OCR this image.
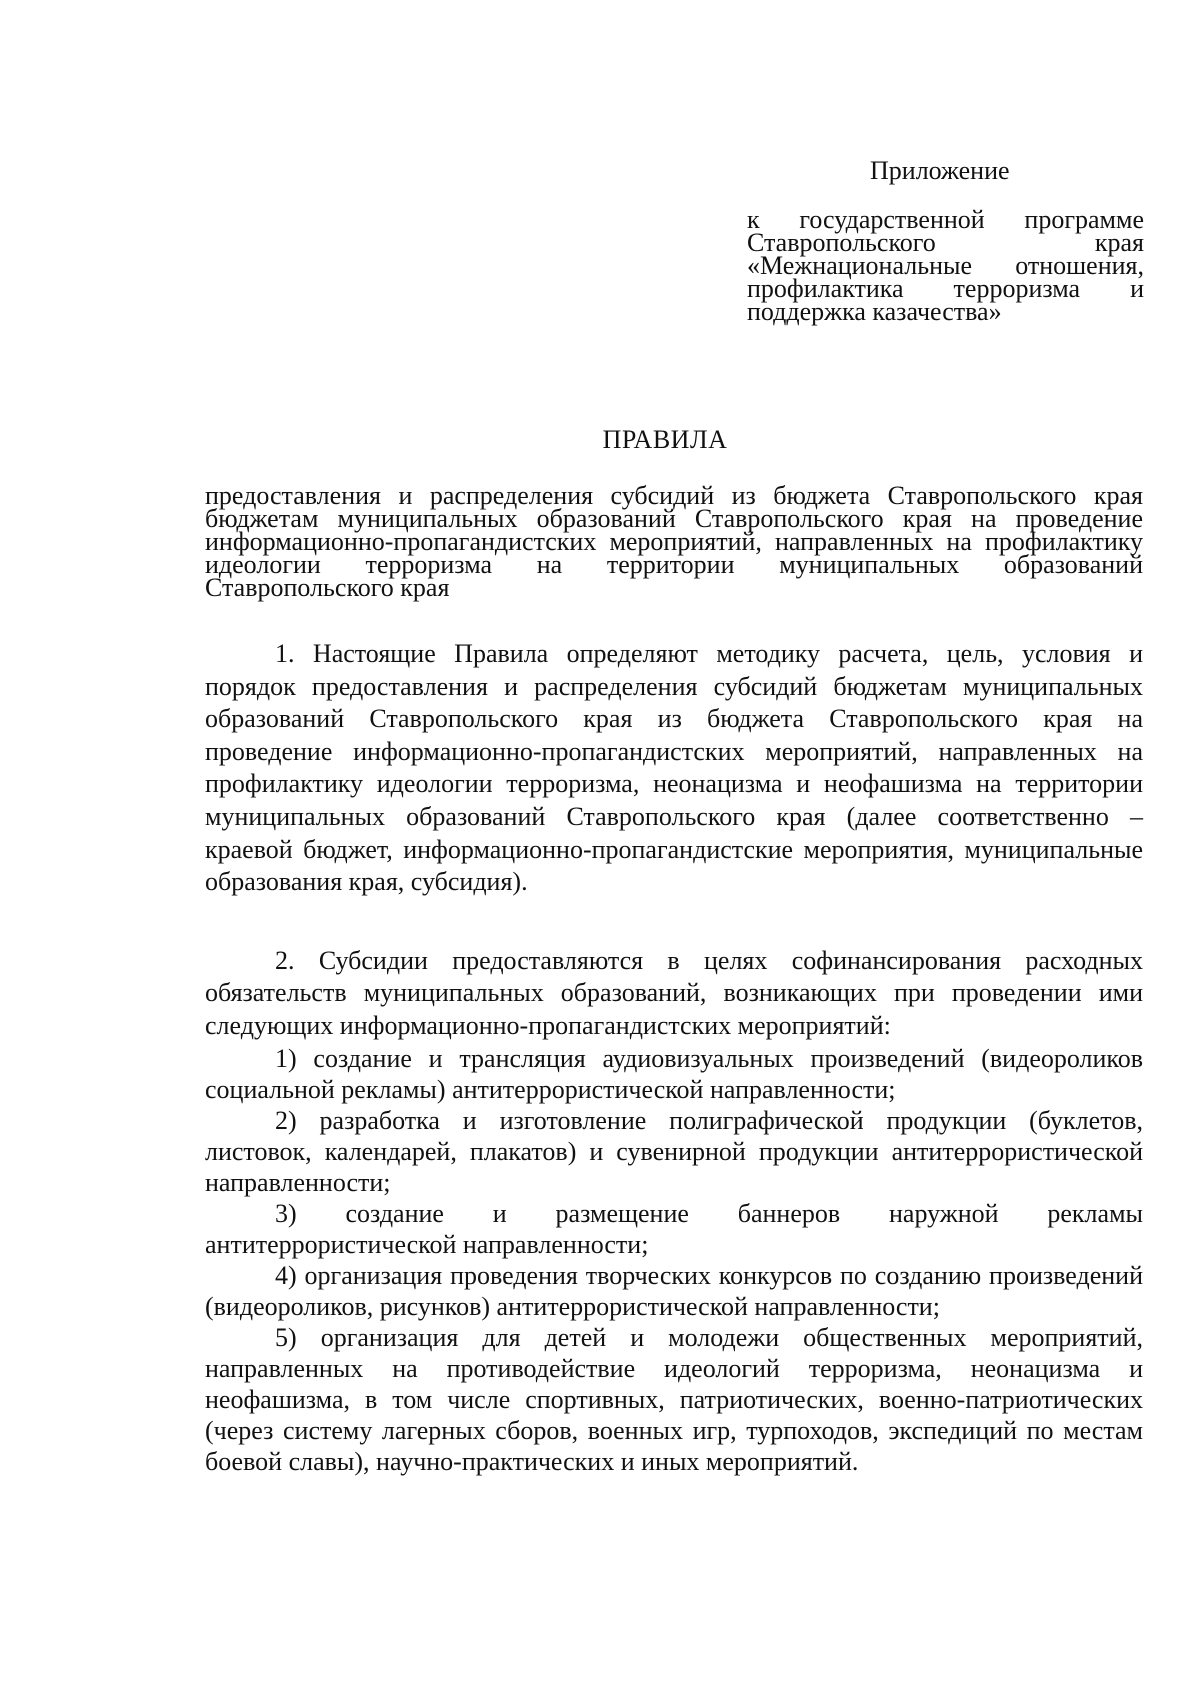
Приложение
к государственной программе Ставропольского края «Межнациональные отношения, профилактика терроризма и поддержка казачества»
ПРАВИЛА
предоставления и распределения субсидий из бюджета Ставропольского края бюджетам муниципальных образований Ставропольского края на проведение информационно-пропагандистских мероприятий, направленных на профилактику идеологии терроризма на территории муниципальных образований Ставропольского края

1. Настоящие Правила определяют методику расчета, цель, условия и порядок предоставления и распределения субсидий бюджетам муниципальных образований Ставропольского края из бюджета Ставропольского края на проведение информационно-пропагандистских мероприятий, направленных на профилактику идеологии терроризма, неонацизма и неофашизма на территории муниципальных образований Ставропольского края (далее соответственно – краевой бюджет, информационно-пропагандистские мероприятия, муниципальные образования края, субсидия).

2. Субсидии предоставляются в целях софинансирования расходных обязательств муниципальных образований, возникающих при проведении ими следующих информационно-пропагандистских мероприятий:

1) создание и трансляция аудиовизуальных произведений (видеороликов социальной рекламы) антитеррористической направленности;

2) разработка и изготовление полиграфической продукции (буклетов, листовок, календарей, плакатов) и сувенирной продукции антитеррористической направленности;

3) создание и размещение баннеров наружной рекламы антитеррористической направленности;

4) организация проведения творческих конкурсов по созданию произведений (видеороликов, рисунков) антитеррористической направленности;

5) организация для детей и молодежи общественных мероприятий, направленных на противодействие идеологий терроризма, неонацизма и неофашизма, в том числе спортивных, патриотических, военно-патриотических (через систему лагерных сборов, военных игр, турпоходов, экспедиций по местам боевой славы), научно-практических и иных мероприятий.
